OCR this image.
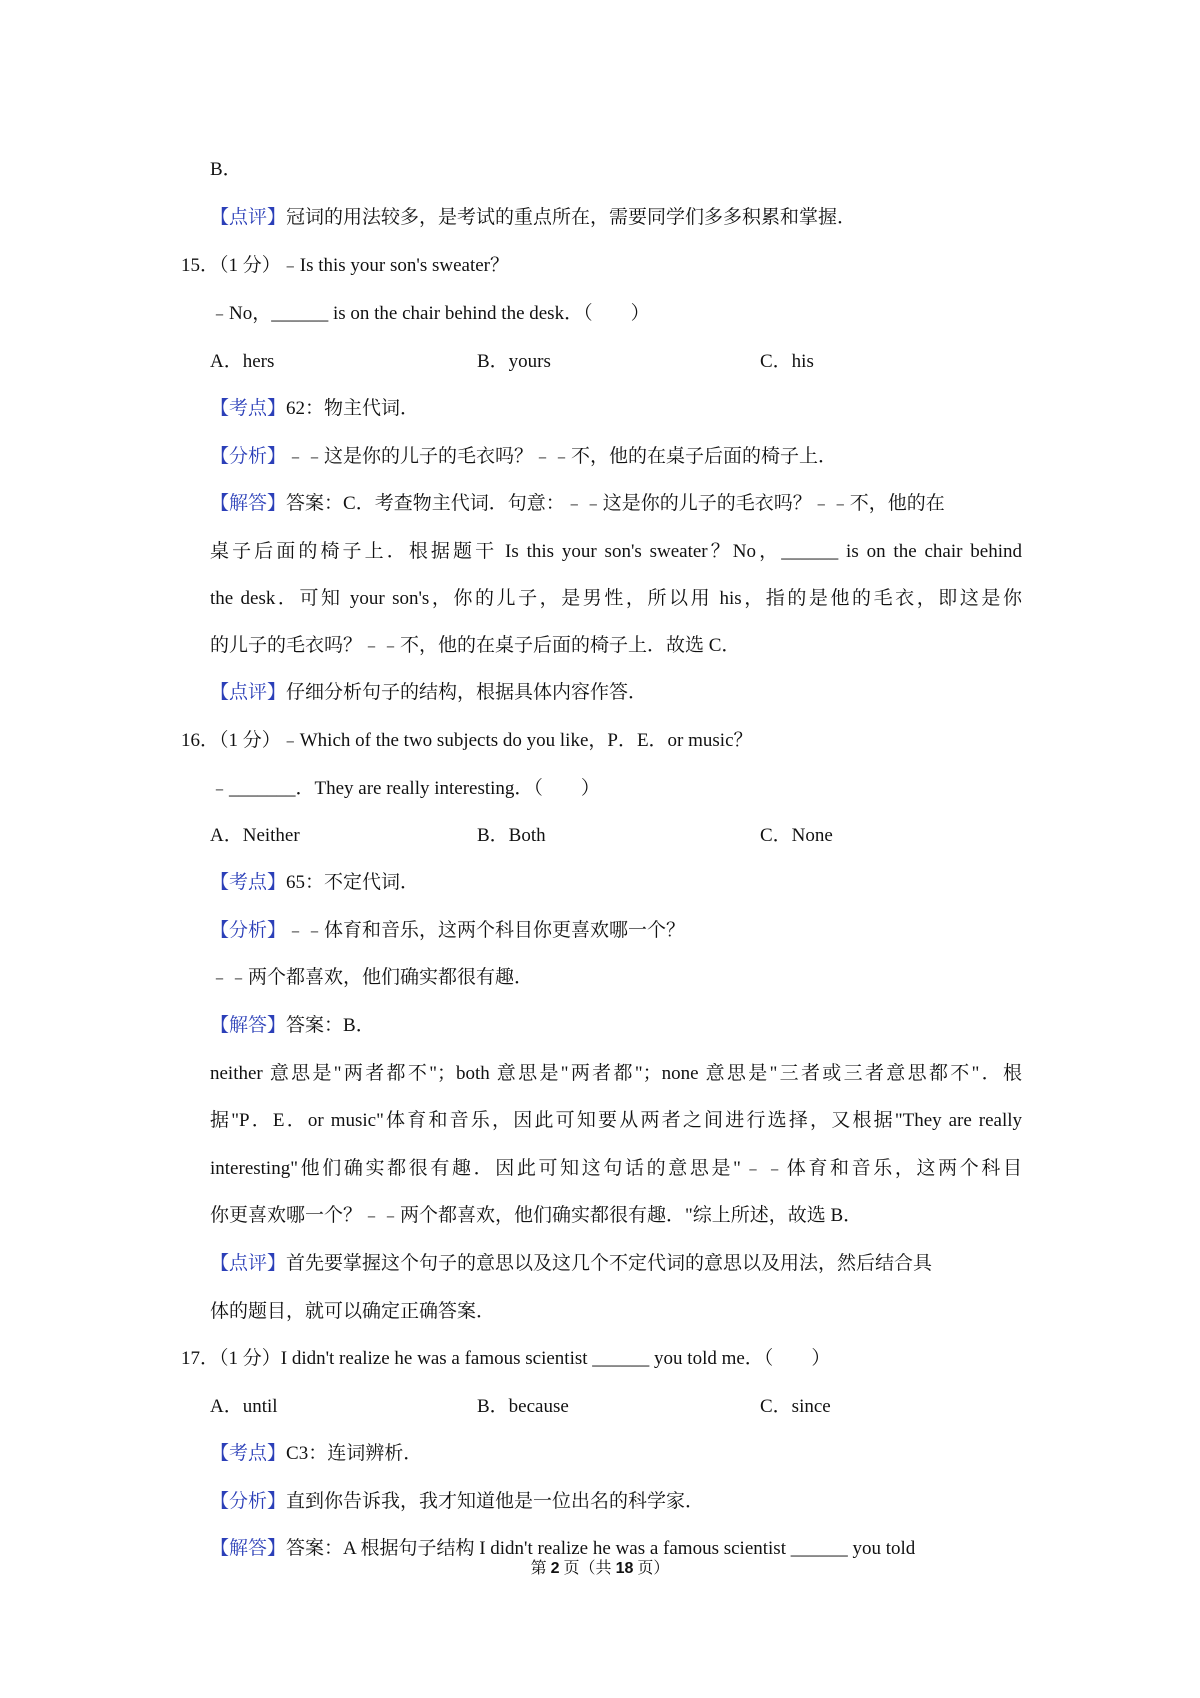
B．
【点评】冠词的用法较多，是考试的重点所在，需要同学们多多积累和掌握．
15．（1 分）﹣Is this your son's sweater？
﹣No，______ is on the chair behind the desk．（　　）
A．hers	B．yours	C．his
【考点】62：物主代词．
【分析】﹣﹣这是你的儿子的毛衣吗？﹣﹣不，他的在桌子后面的椅子上．
【解答】答案：C．考查物主代词．句意：﹣﹣这是你的儿子的毛衣吗？﹣﹣不，他的在
桌子后面的椅子上．根据题干 Is this your son's sweater？No，______ is on the chair behind
the desk．可知 your son's，你的儿子，是男性，所以用 his，指的是他的毛衣，即这是你
的儿子的毛衣吗？﹣﹣不，他的在桌子后面的椅子上．故选 C．
【点评】仔细分析句子的结构，根据具体内容作答．
16．（1 分）﹣Which of the two subjects do you like，P．E．or music？
﹣_______．They are really interesting．（　　）
A．Neither	B．Both	C．None
【考点】65：不定代词．
【分析】﹣﹣体育和音乐，这两个科目你更喜欢哪一个？
﹣﹣两个都喜欢，他们确实都很有趣．
【解答】答案：B．
neither 意思是"两者都不"；both 意思是"两者都"；none 意思是"三者或三者意思都不"．根
据"P．E．or music"体育和音乐，因此可知要从两者之间进行选择，又根据"They are really
interesting"他们确实都很有趣．因此可知这句话的意思是"﹣﹣体育和音乐，这两个科目
你更喜欢哪一个？﹣﹣两个都喜欢，他们确实都很有趣．"综上所述，故选 B．
【点评】首先要掌握这个句子的意思以及这几个不定代词的意思以及用法，然后结合具
体的题目，就可以确定正确答案．
17．（1 分）I didn't realize he was a famous scientist ______ you told me．（　　）
A．until	B．because	C．since
【考点】C3：连词辨析．
【分析】直到你告诉我，我才知道他是一位出名的科学家．
【解答】答案：A 根据句子结构 I didn't realize he was a famous scientist ______ you told
第 2 页（共 18 页）
